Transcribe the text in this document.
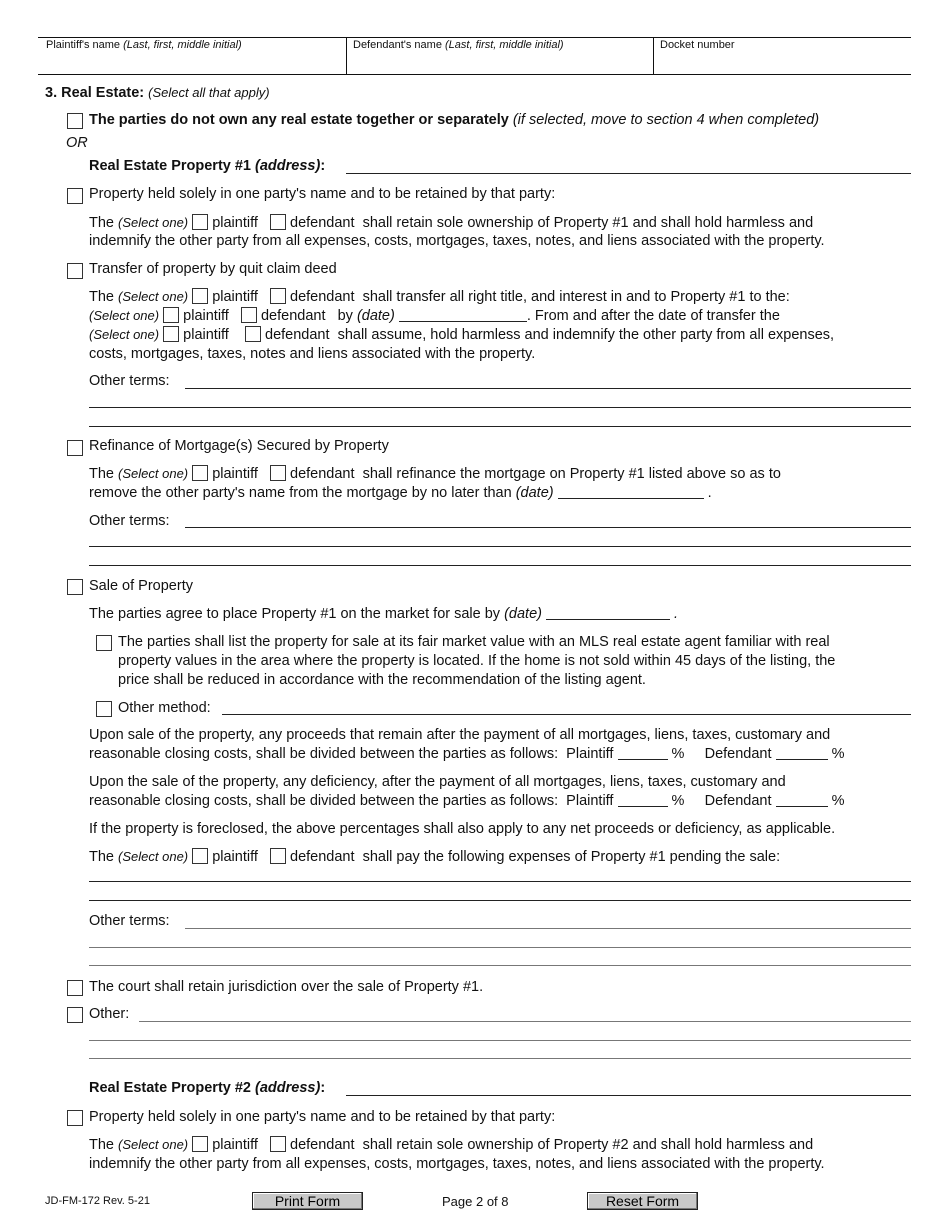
Plaintiff's name (Last, first, middle initial)	Defendant's name (Last, first, middle initial)	Docket number
3. Real Estate: (Select all that apply)
The parties do not own any real estate together or separately (if selected, move to section 4 when completed)
OR
Real Estate Property #1 (address):
Property held solely in one party's name and to be retained by that party:
The (Select one) plaintiff defendant shall retain sole ownership of Property #1 and shall hold harmless and
indemnify the other party from all expenses, costs, mortgages, taxes, notes, and liens associated with the property.
Transfer of property by quit claim deed
The (Select one) plaintiff defendant shall transfer all right title, and interest in and to Property #1 to the:
(Select one) plaintiff defendant by (date)	. From and after the date of transfer the
(Select one) plaintiff defendant shall assume, hold harmless and indemnify the other party from all expenses,
costs, mortgages, taxes, notes and liens associated with the property.
Other terms:
Refinance of Mortgage(s) Secured by Property
The (Select one) plaintiff defendant shall refinance the mortgage on Property #1 listed above so as to
remove the other party's name from the mortgage by no later than (date)	.
Other terms:
Sale of Property
The parties agree to place Property #1 on the market for sale by (date)	.
The parties shall list the property for sale at its fair market value with an MLS real estate agent familiar with real
property values in the area where the property is located. If the home is not sold within 45 days of the listing, the
price shall be reduced in accordance with the recommendation of the listing agent.
Other method:
Upon sale of the property, any proceeds that remain after the payment of all mortgages, liens, taxes, customary and
reasonable closing costs, shall be divided between the parties as follows: Plaintiff	% Defendant	%
Upon the sale of the property, any deficiency, after the payment of all mortgages, liens, taxes, customary and
reasonable closing costs, shall be divided between the parties as follows: Plaintiff	% Defendant	%
If the property is foreclosed, the above percentages shall also apply to any net proceeds or deficiency, as applicable.
The (Select one) plaintiff defendant shall pay the following expenses of Property #1 pending the sale:
Other terms:
The court shall retain jurisdiction over the sale of Property #1.
Other:
Real Estate Property #2 (address):
Property held solely in one party's name and to be retained by that party:
The (Select one) plaintiff defendant shall retain sole ownership of Property #2 and shall hold harmless and
indemnify the other party from all expenses, costs, mortgages, taxes, notes, and liens associated with the property.
JD-FM-172 Rev. 5-21	Print Form	Page 2 of 8	Reset Form
